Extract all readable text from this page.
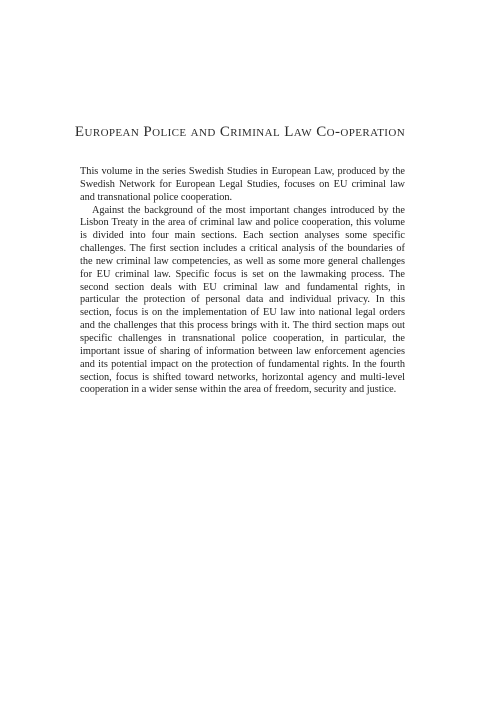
European Police and Criminal Law Co-operation

This volume in the series Swedish Studies in European Law, produced by the Swedish Network for European Legal Studies, focuses on EU criminal law and transnational police cooperation.

Against the background of the most important changes introduced by the Lisbon Treaty in the area of criminal law and police cooperation, this volume is divided into four main sections. Each section analyses some specific challenges. The first section includes a critical analysis of the boundaries of the new criminal law competencies, as well as some more general challenges for EU criminal law. Specific focus is set on the lawmaking process. The second section deals with EU criminal law and fundamental rights, in particular the protection of personal data and individual privacy. In this section, focus is on the implementation of EU law into national legal orders and the challenges that this process brings with it. The third section maps out specific challenges in transnational police cooperation, in particular, the important issue of sharing of information between law enforcement agencies and its potential impact on the protection of fundamental rights. In the fourth section, focus is shifted toward networks, horizontal agency and multi-level cooperation in a wider sense within the area of freedom, security and justice.
